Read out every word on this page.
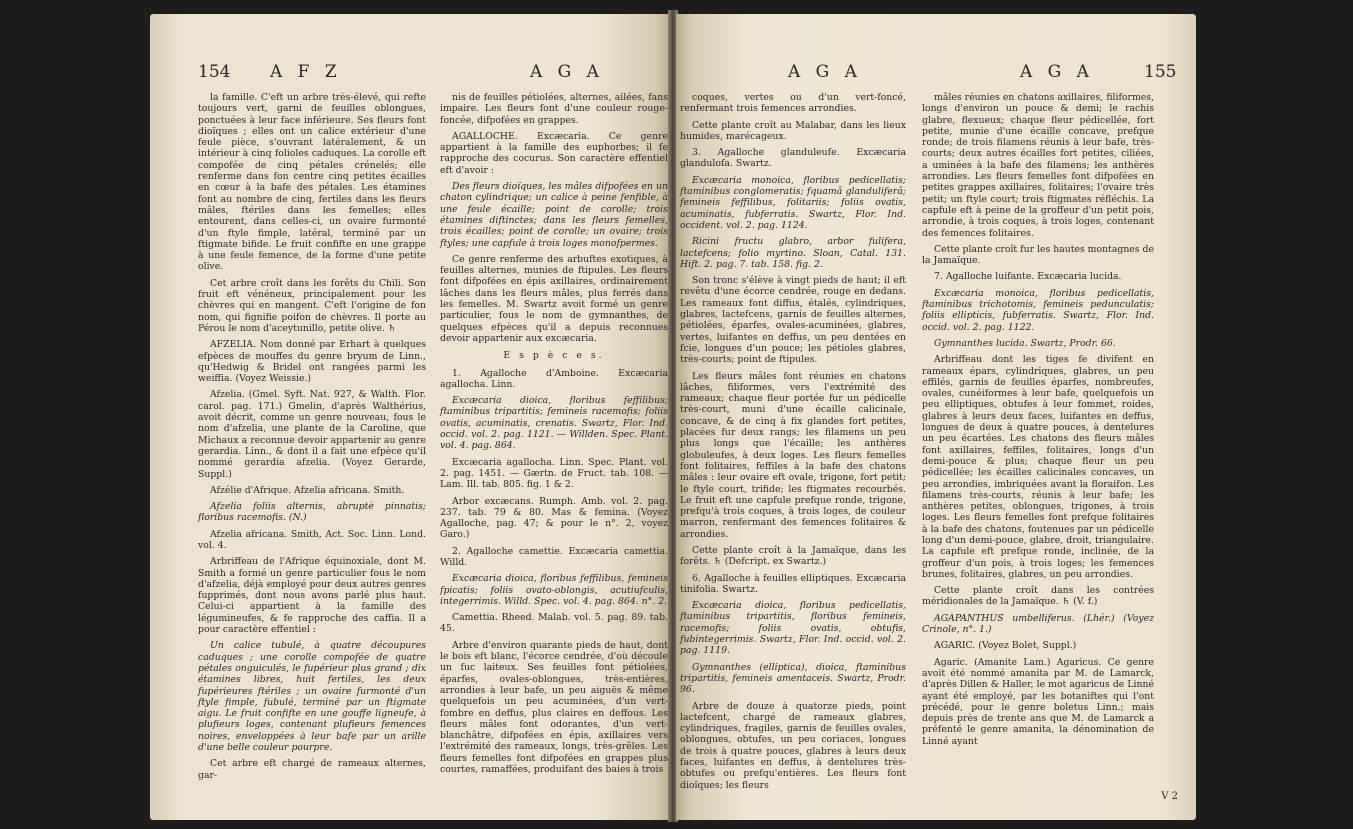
154 A F Z	A G A

la famille. C'eft un arbre très-élevé, qui refte toujours vert, garni de feuilles oblongues, ponctuées à leur face inférieure. Ses fleurs font dioïques ; elles ont un calice extérieur d'une feule pièce, s'ouvrant latéralement, & un intérieur à cinq folioles caduques. La corolle eft compofée de cinq pétales crénelés; elle renferme dans fon centre cinq petites écailles en cœur à la bafe des pétales. Les étamines font au nombre de cinq, fertiles dans les fleurs mâles, ftériles dans les femelles; elles entourent, dans celles-ci, un ovaire furmonté d'un ftyle fimple, latéral, terminé par un ftigmate bifide. Le fruit confifte en une grappe à une feule femence, de la forme d'une petite olive.

Cet arbre croît dans les forêts du Chili. Son fruit eft vénéneux, principalement pour les chèvres qui en mangent. C'eft l'origine de fon nom, qui fignifie poifon de chèvres. Il porte au Pérou le nom d'aceytunillo, petite olive. ♄

AFZELIA. Nom donné par Erhart à quelques efpèces de mouffes du genre bryum de Linn., qu'Hedwig & Bridel ont rangées parmi les weiffia. (Voyez Weissie.)

Afzelia. (Gmel. Syft. Nat. 927, & Walth. Flor. carol. pag. 171.) Gmelin, d'après Walthérius, avoit décrit, comme un genre nouveau, fous le nom d'afzelia, une plante de la Caroline, que Michaux a reconnue devoir appartenir au genre gerardia. Linn., & dont il a fait une efpèce qu'il nommé gerardia afzelia. (Voyez Gerarde, Suppl.)

Afzélie d'Afrique. Afzelia africana. Smith.

Afzelia foliis alternis, abruptè pinnatis; floribus racemofis. (N.)

Afzelia africana. Smith, Act. Soc. Linn. Lond. vol. 4.

Arbriffeau de l'Afrique équinoxiale, dont M. Smith a formé un genre particulier fous le nom d'afzelia, déjà employé pour deux autres genres fupprimés, dont nous avons parlé plus haut. Celui-ci appartient à la famille des légumineufes, & fe rapproche des caffia. Il a pour caractère effentiel :

Un calice tubulé, à quatre découpures caduques ; une corolle compofée de quatre pétales onguiculés, le fupérieur plus grand ; dix étamines libres, huit fertiles, les deux fupérieures ftériles ; un ovaire furmonté d'un ftyle fimple, fubulé, terminé par un ftigmate aigu. Le fruit confifte en une gouffe ligneufe, à plufieurs loges, contenant plufieurs femences noires, enveloppées à leur bafe par un arille d'une belle couleur pourpre.

Cet arbre eft chargé de rameaux alternes, gar-

nis de feuilles pétiolées, alternes, ailées, fans impaire. Les fleurs font d'une couleur rouge-foncée, difpofées en grappes.

AGALLOCHE. Excæcaria. Ce genre appartient à la famille des euphorbes; il fe rapproche des cocurus. Son caractère effentiel eft d'avoir :

Des fleurs dioïques, les mâles difpofées en un chaton cylindrique; un calice à peine fenfible, à une feule écaille; point de corolle; trois étamines diftinctes; dans les fleurs femelles, trois écailles; point de corolle; un ovaire; trois ftyles; une capfule à trois loges monofpermes.

Ce genre renferme des arbuftes exotiques, à feuilles alternes, munies de ftipules. Les fleurs font difpofées en épis axillaires, ordinairement lâches dans les fleurs mâles, plus ferrés dans les femelles. M. Swartz avoit formé un genre particulier, fous le nom de gymnanthes, de quelques efpèces qu'il a depuis reconnues devoir appartenir aux excæcaria.

E s p è c e s.

1. Agalloche d'Amboine. Excæcaria agallocha. Linn.

Excæcaria dioica, floribus feffilibus; ftaminibus tripartitis; femineis racemofis; foliis ovatis, acuminatis, crenatis. Swartz, Flor. Ind. occid. vol. 2. pag. 1121. — Willden. Spec. Plant. vol. 4. pag. 864.

Excæcaria agallocha. Linn. Spec. Plant. vol. 2. pag. 1451. — Gærtn. de Fruct. tab. 108. — Lam. Ill. tab. 805. fig. 1 & 2.

Arbor excæcans. Rumph. Amb. vol. 2. pag. 237. tab. 79 & 80. Mas & femina. (Voyez Agalloche, pag. 47; & pour le n°. 2, voyez Garo.)

2. Agalloche camettie. Excæcaria camettia. Willd.

Excæcaria dioica, floribus feffilibus, femineis fpicatis; foliis ovato-oblongis, acutiufculis, integerrimis. Willd. Spec. vol. 4. pag. 864. n°. 2.

Camettia. Rheed. Malab. vol. 5. pag. 89. tab. 45.

Arbre d'environ quarante pieds de haut, dont le bois eft blanc, l'écorce cendrée, d'où découle un fuc laiteux. Ses feuilles font pétiolées, éparfes, ovales-oblongues, très-entières, arrondies à leur bafe, un peu aiguës & même quelquefois un peu acuminées, d'un vert-fombre en deffus, plus claires en deffous. Les fleurs mâles font odorantes, d'un vert-blanchâtre, difpofées en épis, axillaires vers l'extrémité des rameaux, longs, très-grêles. Les fleurs femelles font difpofées en grappes plus courtes, ramaffées, produifant des baies à trois

A G A	A G A	155

coques, vertes ou d'un vert-foncé, renfermant trois femences arrondies.

Cette plante croît au Malabar, dans les lieux humides, marécageux.

3. Agalloche glanduleufe. Excæcaria glandulofa. Swartz.

Excæcaria monoica, floribus pedicellatis; ftaminibus conglomeratis; fquamâ glanduliferâ; femineis feffilibus, folitariis; foliis ovatis, acuminatis, fubferratis. Swartz, Flor. Ind. occident. vol. 2. pag. 1124.

Ricini fructu glabro, arbor fulifera, lactefcens; folio myrtino. Sloan, Catal. 131. Hift. 2. pag. 7. tab. 158. fig. 2.

Son tronc s'élève à vingt pieds de haut; il eft revêtu d'une écorce cendrée, rouge en dedans. Les rameaux font diffus, étalés, cylindriques, glabres, lactefcens, garnis de feuilles alternes, pétiolées, éparfes, ovales-acuminées, glabres, vertes, luifantes en deffus, un peu dentées en fcie, longues d'un pouce; les pétioles glabres, très-courts; point de ftipules.

Les fleurs mâles font réunies en chatons lâches, filiformes, vers l'extrémité des rameaux; chaque fleur portée fur un pédicelle très-court, muni d'une écaille calicinale, concave, & de cinq à fix glandes fort petites, placées fur deux rangs; les filamens un peu plus longs que l'écaille; les anthères globuleufes, à deux loges. Les fleurs femelles font folitaires, feffiles à la bafe des chatons mâles : leur ovaire eft ovale, trigone, fort petit; le ftyle court, trifide; les ftigmates recourbés. Le fruit eft une capfule prefque ronde, trigone, prefqu'à trois coques, à trois loges, de couleur marron, renfermant des femences folitaires & arrondies.

Cette plante croît à la Jamaïque, dans les forêts. ♄ (Defcript. ex Swartz.)

6. Agalloche à feuilles elliptiques. Excæcaria tinifolia. Swartz.

Excæcaria dioica, floribus pedicellatis, ftaminibus tripartitis, floribus femineis, racemofis; foliis ovatis, obtufis, fubintegerrimis. Swartz, Flor. Ind. occid. vol. 2. pag. 1119.

Gymnanthes (elliptica), dioica, ftaminibus tripartitis, femineis amentaceis. Swartz, Prodr. 96.

Arbre de douze à quatorze pieds, point lactefcent, chargé de rameaux glabres, cylindriques, fragiles, garnis de feuilles ovales, oblongues, obtufes, un peu coriaces, longues de trois à quatre pouces, glabres à leurs deux faces, luifantes en deffus, à dentelures très-obtufes ou prefqu'entières. Les fleurs font dioïques; les fleurs

mâles réunies en chatons axillaires, filiformes, longs d'environ un pouce & demi; le rachis glabre, flexueux; chaque fleur pédicellée, fort petite, munie d'une écaille concave, prefque ronde; de trois filamens réunis à leur bafe, très-courts; deux autres écailles fort petites, ciliées, a uminées à la bafe des filamens; les anthères arrondies. Les fleurs femelles font difpofées en petites grappes axillaires, folitaires; l'ovaire très petit; un ftyle court; trois ftigmates réfléchis. La capfule eft à peine de la groffeur d'un petit pois, arrondie, à trois coques, à trois loges, contenant des femences folitaires.

Cette plante croît fur les hautes montagnes de la Jamaïque.

7. Agalloche luifante. Excæcaria lucida.

Excæcaria monoica, floribus pedicellatis, ftaminibus trichotomis, femineis pedunculatis; foliis ellipticis, fubferratis. Swartz, Flor. Ind. occid. vol. 2. pag. 1122.

Gymnanthes lucida. Swartz, Prodr. 66.

Arbriffeau dont les tiges fe divifent en rameaux épars, cylindriques, glabres, un peu effilés, garnis de feuilles éparfes, nombreufes, ovales, cunéiformes à leur bafe, quelquefois un peu elliptiques, obtufes à leur fommet, roides, glabres à leurs deux faces, luifantes en deffus, longues de deux à quatre pouces, à dentelures un peu écartées. Les chatons des fleurs mâles font axillaires, feffiles, folitaires, longs d'un demi-pouce & plus; chaque fleur un peu pédicellée; les écailles calicinales concaves, un peu arrondies, imbriquées avant la floraifon. Les filamens très-courts, réunis à leur bafe; les anthères petites, oblongues, trigones, à trois loges. Les fleurs femelles font prefque folitaires à la bafe des chatons, foutenues par un pédicelle long d'un demi-pouce, glabre, droit, triangulaire. La capfule eft prefque ronde, inclinée, de la groffeur d'un pois, à trois loges; les femences brunes, folitaires, glabres, un peu arrondies.

Cette plante croît dans les contrées méridionales de la Jamaïque. ♄ (V. f.)

AGAPANTHUS umbelliferus. (Lhér.) (Voyez Crinole, n°. 1.)

AGARIC. (Voyez Bolet, Suppl.)

Agaric. (Amanite Lam.) Agaricus. Ce genre avoit été nommé amanita par M. de Lamarck, d'après Dillen & Haller, le mot agaricus de Linné ayant été employé, par les botaniftes qui l'ont précédé, pour le genre boletus Linn.; mais depuis près de trente ans que M. de Lamarck a préfenté le genre amanita, la dénomination de Linné ayant

V 2
